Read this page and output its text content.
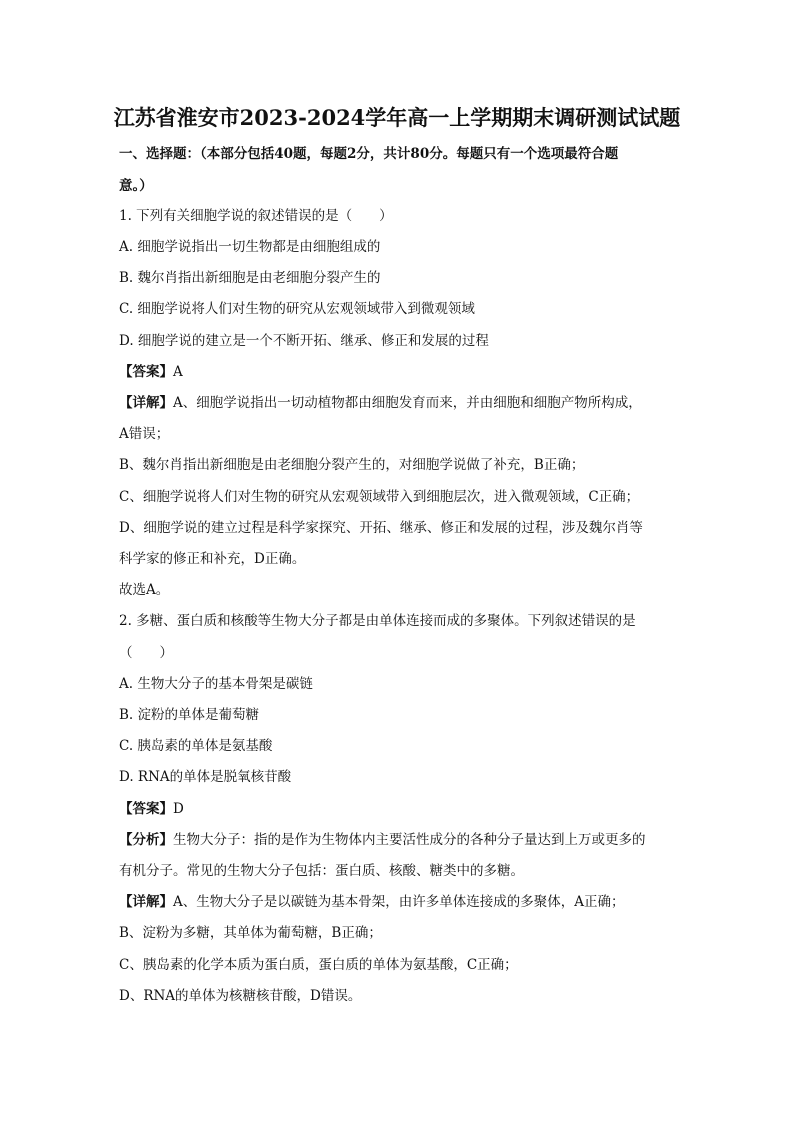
江苏省淮安市2023-2024学年高一上学期期末调研测试试题
一、选择题：（本部分包括40题，每题2分，共计80分。每题只有一个选项最符合题
意。）
1. 下列有关细胞学说的叙述错误的是（　　）
A. 细胞学说指出一切生物都是由细胞组成的
B. 魏尔肖指出新细胞是由老细胞分裂产生的
C. 细胞学说将人们对生物的研究从宏观领域带入到微观领域
D. 细胞学说的建立是一个不断开拓、继承、修正和发展的过程
【答案】A
【详解】A、细胞学说指出一切动植物都由细胞发育而来，并由细胞和细胞产物所构成，
A错误；
B、魏尔肖指出新细胞是由老细胞分裂产生的，对细胞学说做了补充，B正确；
C、细胞学说将人们对生物的研究从宏观领域带入到细胞层次，进入微观领域，C正确；
D、细胞学说的建立过程是科学家探究、开拓、继承、修正和发展的过程，涉及魏尔肖等
科学家的修正和补充，D正确。
故选A。
2. 多糖、蛋白质和核酸等生物大分子都是由单体连接而成的多聚体。下列叙述错误的是
（　　）
A. 生物大分子的基本骨架是碳链
B. 淀粉的单体是葡萄糖
C. 胰岛素的单体是氨基酸
D. RNA的单体是脱氧核苷酸
【答案】D
【分析】生物大分子：指的是作为生物体内主要活性成分的各种分子量达到上万或更多的
有机分子。常见的生物大分子包括：蛋白质、核酸、糖类中的多糖。
【详解】A、生物大分子是以碳链为基本骨架，由许多单体连接成的多聚体，A正确；
B、淀粉为多糖，其单体为葡萄糖，B正确；
C、胰岛素的化学本质为蛋白质，蛋白质的单体为氨基酸，C正确；
D、RNA的单体为核糖核苷酸，D错误。
